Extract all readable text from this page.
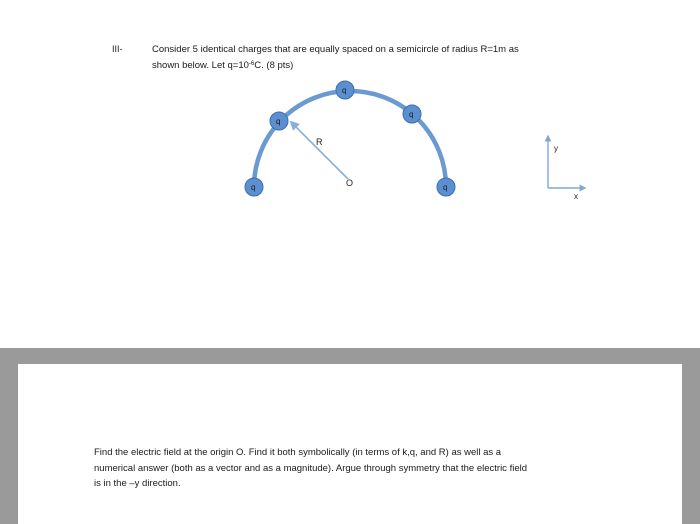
III-	Consider 5 identical charges that are equally spaced on a semicircle of radius R=1m as
shown below. Let $q=10^{-6}C$. (8 pts)
R
O
q
q
q
q
q
y
x
Find the electric field at the origin O. Find it both symbolically (in terms of k,q, and R) as well as a
numerical answer (both as a vector and as a magnitude). Argue through symmetry that the electric field
is in the –y direction.
